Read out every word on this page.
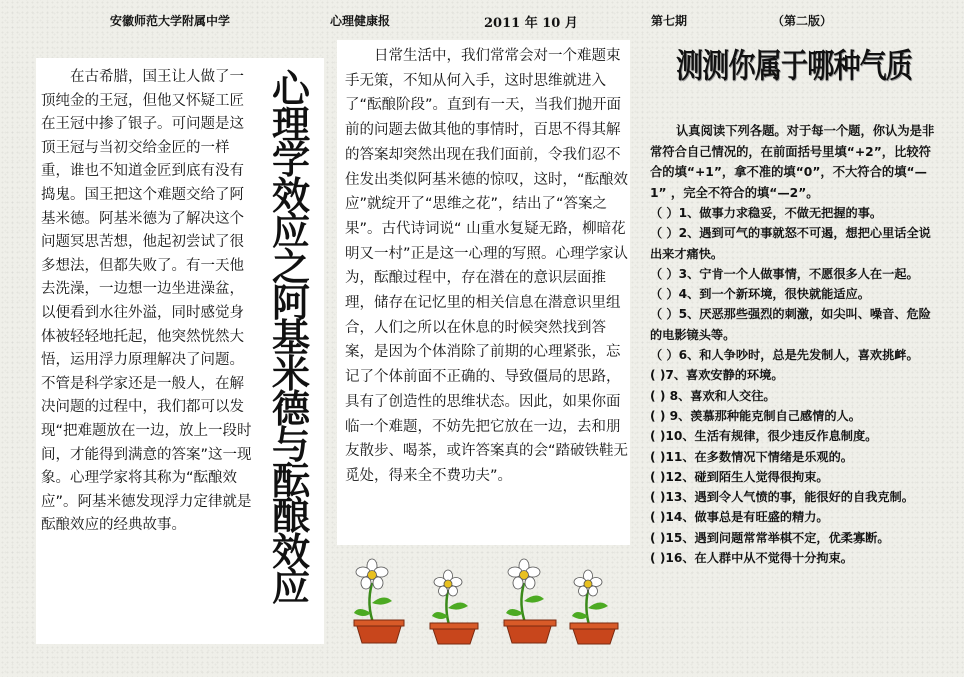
安徽师范大学附属中学	心理健康报	2011 年 10 月	第七期	（第二版）
在古希腊，国王让人做了一顶纯金的王冠，但他又怀疑工匠在王冠中掺了银子。可问题是这顶王冠与当初交给金匠的一样重，谁也不知道金匠到底有没有捣鬼。国王把这个难题交给了阿基米德。阿基米德为了解决这个问题冥思苦想，他起初尝试了很多想法，但都失败了。有一天他去洗澡，一边想一边坐进澡盆，以便看到水往外溢，同时感觉身体被轻轻地托起，他突然恍然大悟，运用浮力原理解决了问题。不管是科学家还是一般人，在解决问题的过程中，我们都可以发现“把难题放在一边，放上一段时间，才能得到满意的答案”这一现象。心理学家将其称为“酝酿效应”。阿基米德发现浮力定律就是酝酿效应的经典故事。
心理学效应之阿基米德与酝酿效应
日常生活中，我们常常会对一个难题束手无策，不知从何入手，这时思维就进入了“酝酿阶段”。直到有一天，当我们抛开面前的问题去做其他的事情时，百思不得其解的答案却突然出现在我们面前，令我们忍不住发出类似阿基米德的惊叹，这时，“酝酿效应”就绽开了“思维之花”，结出了“答案之果”。古代诗词说“ 山重水复疑无路，柳暗花明又一村”正是这一心理的写照。心理学家认为，酝酿过程中，存在潜在的意识层面推理，储存在记忆里的相关信息在潜意识里组合，人们之所以在休息的时候突然找到答案，是因为个体消除了前期的心理紧张，忘记了个体前面不正确的、导致僵局的思路，具有了创造性的思维状态。因此，如果你面临一个难题，不妨先把它放在一边，去和朋友散步、喝茶，或许答案真的会“踏破铁鞋无觅处，得来全不费功夫”。
测测你属于哪种气质
认真阅读下列各题。对于每一个题，你认为是非常符合自己情况的，在前面括号里填“+2”，比较符合的填“+1”，拿不准的填“0”，不大符合的填“—1” ，完全不符合的填“—2”。
（ ）1、做事力求稳妥，不做无把握的事。
（ ）2、遇到可气的事就怒不可遏，想把心里话全说出来才痛快。
（ ）3、宁肯一个人做事情，不愿很多人在一起。
（ ）4、到一个新环境，很快就能适应。
（ ）5、厌恶那些强烈的刺激，如尖叫、噪音、危险的电影镜头等。
（ ）6、和人争吵时，总是先发制人，喜欢挑衅。
( )7、喜欢安静的环境。
( ) 8、喜欢和人交往。
( ) 9、羡慕那种能克制自己感情的人。
( )10、生活有规律，很少违反作息制度。
( )11、在多数情况下情绪是乐观的。
( )12、碰到陌生人觉得很拘束。
( )13、遇到令人气愤的事，能很好的自我克制。
( )14、做事总是有旺盛的精力。
( )15、遇到问题常常举棋不定，优柔寡断。
( )16、在人群中从不觉得十分拘束。
